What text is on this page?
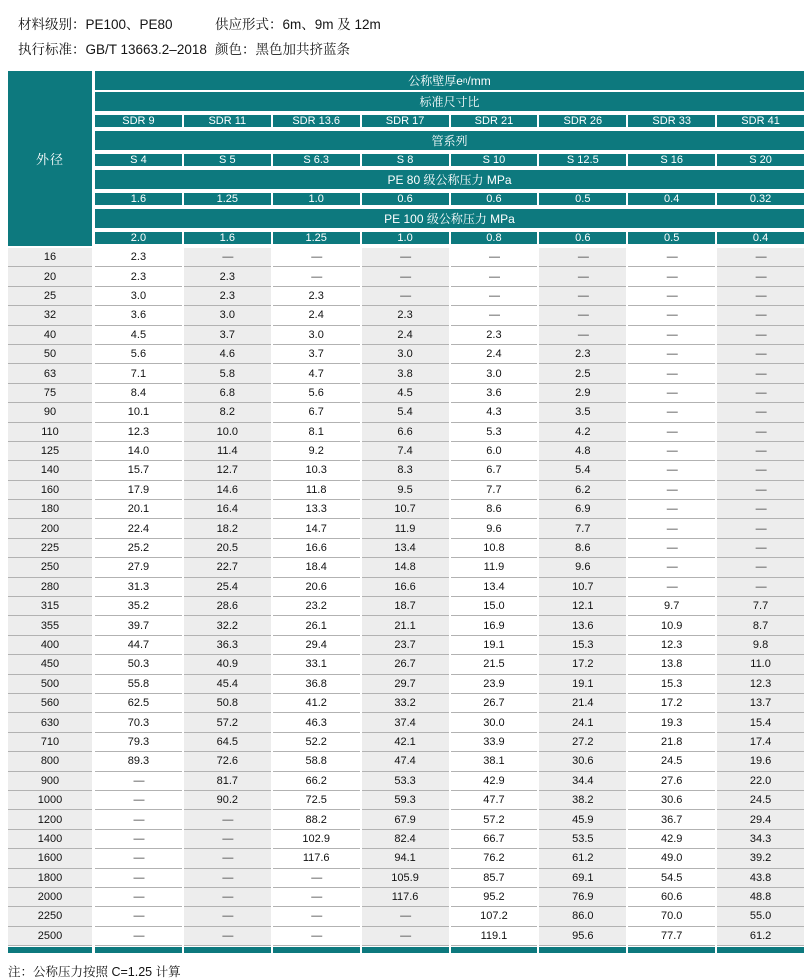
材料级别：PE100、PE80	供应形式：6m、9m 及 12m
执行标准：GB/T 13663.2–2018 颜色：黑色加共挤蓝条
外径
公称壁厚e n /mm
标准尺寸比
SDR 9	SDR 11	SDR 13.6	SDR 17	SDR 21	SDR 26	SDR 33	SDR 41
管系列
S 4	S 5	S 6.3	S 8	S 10	S 12.5	S 16	S 20
PE 80 级公称压力 MPa
1.6	1.25	1.0	0.6	0.6	0.5	0.4	0.32
PE 100 级公称压力 MPa
2.0	1.6	1.25	1.0	0.8	0.6	0.5	0.4
16	2.3	—	—	—	—	—	—	—
20	2.3	2.3	—	—	—	—	—	—
25	3.0	2.3	2.3	—	—	—	—	—
32	3.6	3.0	2.4	2.3	—	—	—	—
40	4.5	3.7	3.0	2.4	2.3	—	—	—
50	5.6	4.6	3.7	3.0	2.4	2.3	—	—
63	7.1	5.8	4.7	3.8	3.0	2.5	—	—
75	8.4	6.8	5.6	4.5	3.6	2.9	—	—
90	10.1	8.2	6.7	5.4	4.3	3.5	—	—
110	12.3	10.0	8.1	6.6	5.3	4.2	—	—
125	14.0	11.4	9.2	7.4	6.0	4.8	—	—
140	15.7	12.7	10.3	8.3	6.7	5.4	—	—
160	17.9	14.6	11.8	9.5	7.7	6.2	—	—
180	20.1	16.4	13.3	10.7	8.6	6.9	—	—
200	22.4	18.2	14.7	11.9	9.6	7.7	—	—
225	25.2	20.5	16.6	13.4	10.8	8.6	—	—
250	27.9	22.7	18.4	14.8	11.9	9.6	—	—
280	31.3	25.4	20.6	16.6	13.4	10.7	—	—
315	35.2	28.6	23.2	18.7	15.0	12.1	9.7	7.7
355	39.7	32.2	26.1	21.1	16.9	13.6	10.9	8.7
400	44.7	36.3	29.4	23.7	19.1	15.3	12.3	9.8
450	50.3	40.9	33.1	26.7	21.5	17.2	13.8	11.0
500	55.8	45.4	36.8	29.7	23.9	19.1	15.3	12.3
560	62.5	50.8	41.2	33.2	26.7	21.4	17.2	13.7
630	70.3	57.2	46.3	37.4	30.0	24.1	19.3	15.4
710	79.3	64.5	52.2	42.1	33.9	27.2	21.8	17.4
800	89.3	72.6	58.8	47.4	38.1	30.6	24.5	19.6
900	—	81.7	66.2	53.3	42.9	34.4	27.6	22.0
1000	—	90.2	72.5	59.3	47.7	38.2	30.6	24.5
1200	—	—	88.2	67.9	57.2	45.9	36.7	29.4
1400	—	—	102.9	82.4	66.7	53.5	42.9	34.3
1600	—	—	117.6	94.1	76.2	61.2	49.0	39.2
1800	—	—	—	105.9	85.7	69.1	54.5	43.8
2000	—	—	—	117.6	95.2	76.9	60.6	48.8
2250	—	—	—	—	107.2	86.0	70.0	55.0
2500	—	—	—	—	119.1	95.6	77.7	61.2
注：公称压力按照 C=1.25 计算
